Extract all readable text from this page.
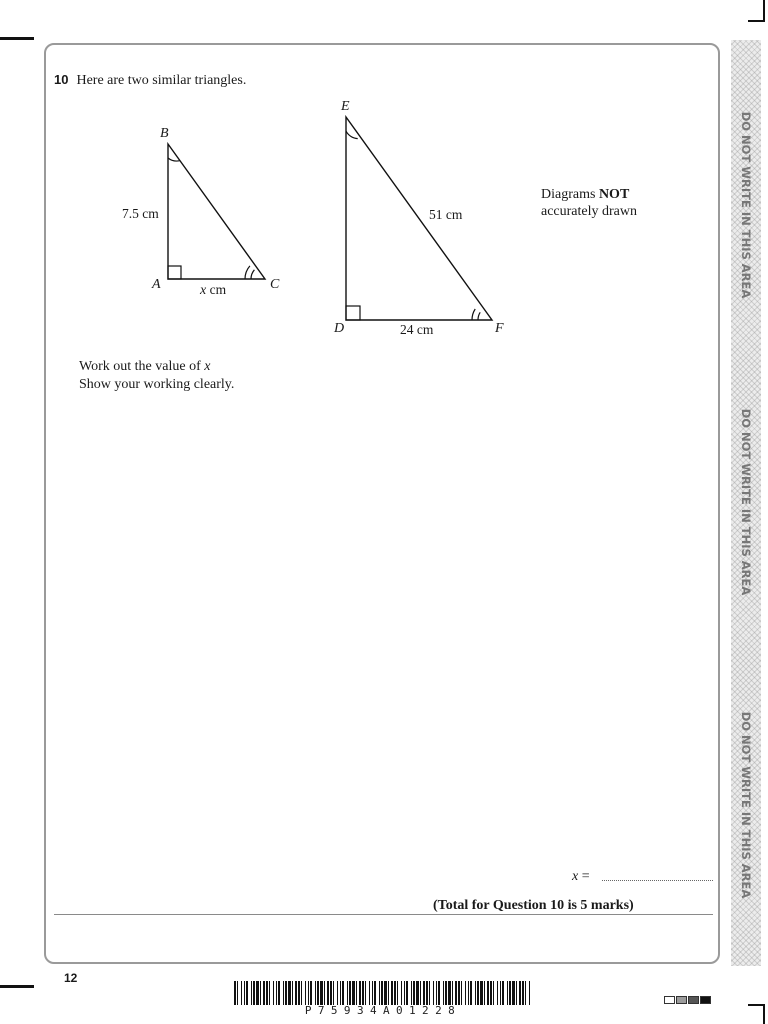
DO NOT WRITE IN THIS AREA
DO NOT WRITE IN THIS AREA
DO NOT WRITE IN THIS AREA
10 Here are two similar triangles.
B
A	C
7.5 cm
x cm
E
D	F
51 cm
24 cm
Diagrams NOT
accurately drawn
Work out the value of x
Show your working clearly.
x =
(Total for Question 10 is 5 marks)
12
P75934A01228
